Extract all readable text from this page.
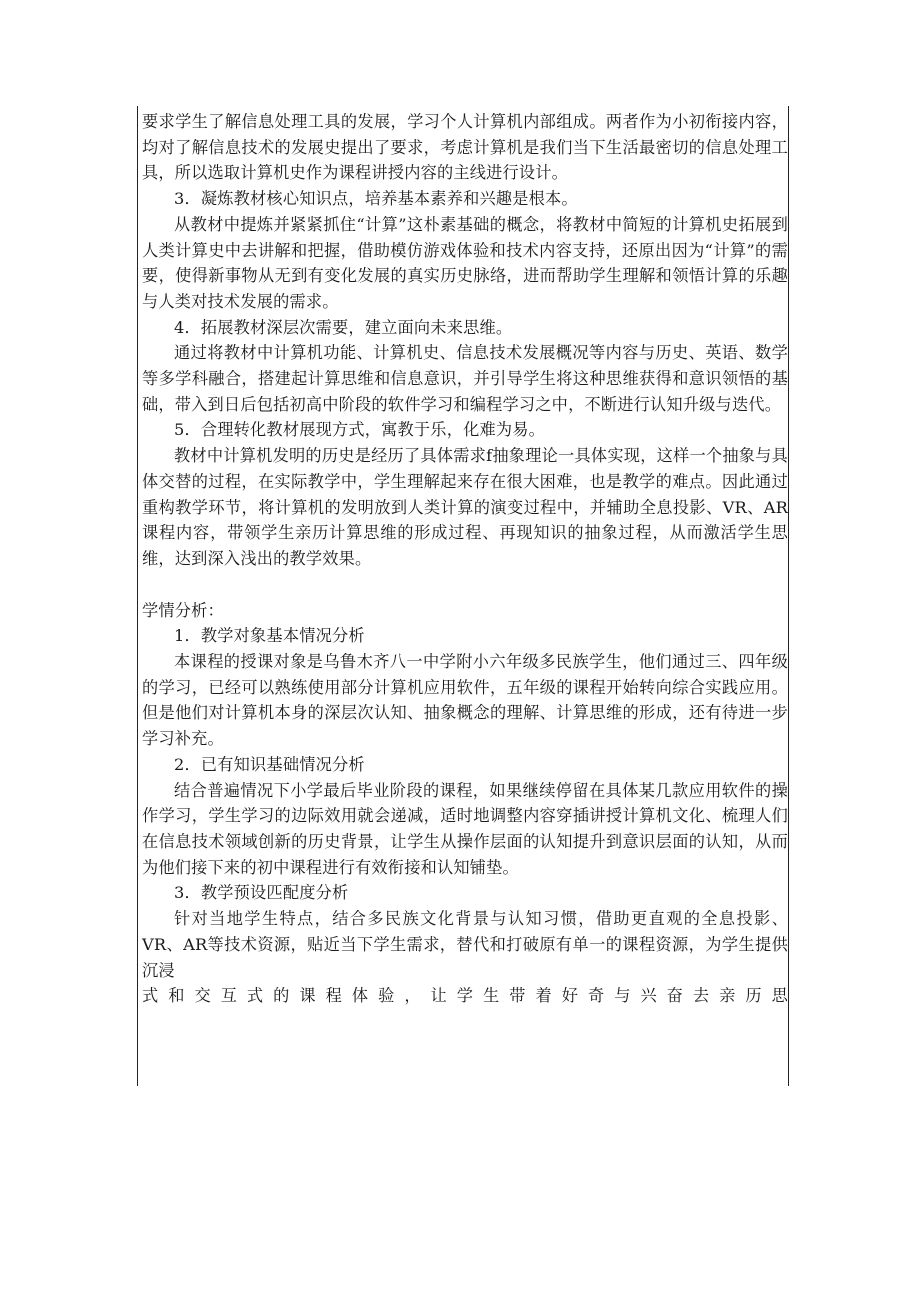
要求学生了解信息处理工具的发展，学习个人计算机内部组成。两者作为小初衔接内容，均对了解信息技术的发展史提出了要求，考虑计算机是我们当下生活最密切的信息处理工具，所以选取计算机史作为课程讲授内容的主线进行设计。

3．凝炼教材核心知识点，培养基本素养和兴趣是根本。

从教材中提炼并紧紧抓住“计算”这朴素基础的概念，将教材中简短的计算机史拓展到人类计算史中去讲解和把握，借助模仿游戏体验和技术内容支持，还原出因为“计算”的需要，使得新事物从无到有变化发展的真实历史脉络，进而帮助学生理解和领悟计算的乐趣与人类对技术发展的需求。

4．拓展教材深层次需要，建立面向未来思维。

通过将教材中计算机功能、计算机史、信息技术发展概况等内容与历史、英语、数学等多学科融合，搭建起计算思维和信息意识，并引导学生将这种思维获得和意识领悟的基础，带入到日后包括初高中阶段的软件学习和编程学习之中，不断进行认知升级与迭代。

5．合理转化教材展现方式，寓教于乐，化难为易。

教材中计算机发明的历史是经历了具体需求f抽象理论一具体实现，这样一个抽象与具体交替的过程，在实际教学中，学生理解起来存在很大困难，也是教学的难点。因此通过重构教学环节，将计算机的发明放到人类计算的演变过程中，并辅助全息投影、VR、AR课程内容，带领学生亲历计算思维的形成过程、再现知识的抽象过程，从而激活学生思维，达到深入浅出的教学效果。

学情分析：

1．教学对象基本情况分析

本课程的授课对象是乌鲁木齐八一中学附小六年级多民族学生，他们通过三、四年级的学习，已经可以熟练使用部分计算机应用软件，五年级的课程开始转向综合实践应用。但是他们对计算机本身的深层次认知、抽象概念的理解、计算思维的形成，还有待进一步学习补充。

2．已有知识基础情况分析

结合普遍情况下小学最后毕业阶段的课程，如果继续停留在具体某几款应用软件的操作学习，学生学习的边际效用就会递减，适时地调整内容穿插讲授计算机文化、梳理人们在信息技术领域创新的历史背景，让学生从操作层面的认知提升到意识层面的认知，从而为他们接下来的初中课程进行有效衔接和认知铺垫。

3．教学预设匹配度分析

针对当地学生特点，结合多民族文化背景与认知习惯，借助更直观的全息投影、VR、AR等技术资源，贴近当下学生需求，替代和打破原有单一的课程资源，为学生提供沉浸

式和交互式的课程体验，让学生带着好奇与兴奋去亲历思
